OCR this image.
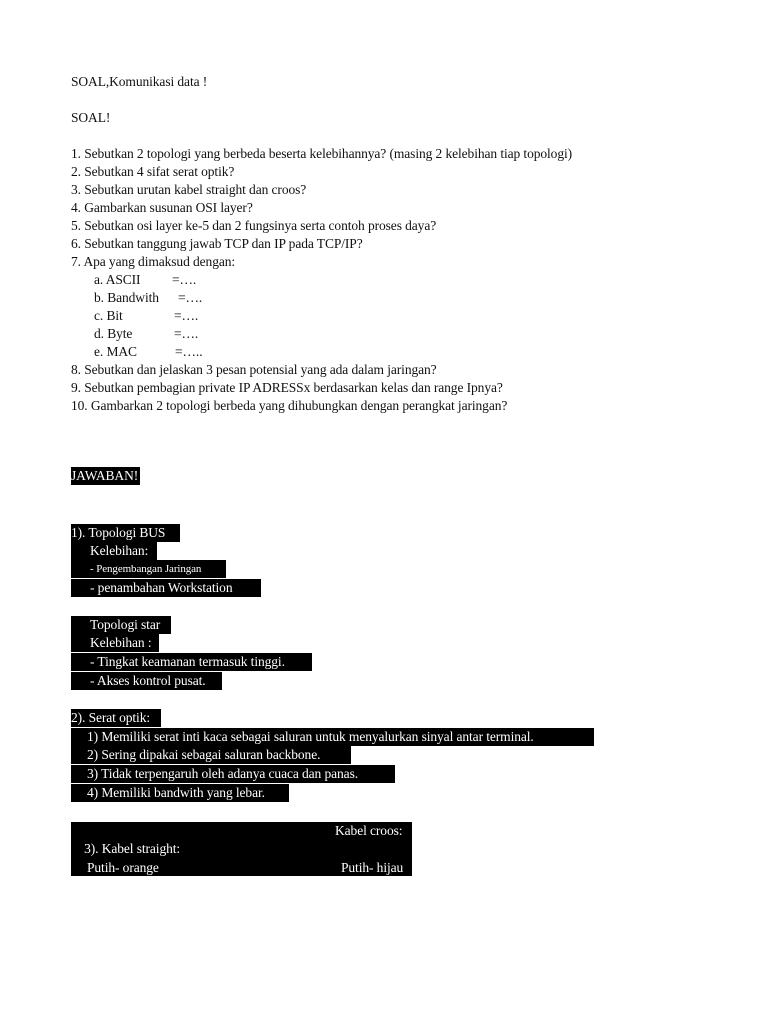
SOAL,Komunikasi data !
SOAL!
1. Sebutkan 2 topologi yang berbeda beserta kelebihannya? (masing 2 kelebihan tiap topologi)
2. Sebutkan 4 sifat serat optik?
3. Sebutkan urutan kabel straight dan croos?
4. Gambarkan susunan OSI layer?
5. Sebutkan osi layer ke-5 dan 2 fungsinya serta contoh proses daya?
6. Sebutkan tanggung jawab TCP dan IP pada TCP/IP?
7. Apa yang dimaksud dengan:
a. ASCII =….
b. Bandwith =….
c. Bit	=….
d. Byte	=….
e. MAC	=…..
8. Sebutkan dan jelaskan 3 pesan potensial yang ada dalam jaringan?
9. Sebutkan pembagian private IP ADRESSx berdasarkan kelas dan range Ipnya?
10. Gambarkan 2 topologi berbeda yang dihubungkan dengan perangkat jaringan?
JAWABAN!
1). Topologi BUS
Kelebihan:
- Pengembangan Jaringan
- penambahan Workstation
Topologi star
Kelebihan :
- Tingkat keamanan termasuk tinggi.
- Akses kontrol pusat.
2). Serat optik:
1) Memiliki serat inti kaca sebagai saluran untuk menyalurkan sinyal antar terminal.
2) Sering dipakai sebagai saluran backbone.
3) Tidak terpengaruh oleh adanya cuaca dan panas.
4) Memiliki bandwith yang lebar.

3). Kabel straight:

Kabel croos:
Putih- orange	Putih- hijau
Orange	Hijau
Putih- hijau	Putih- orange
Biru	Biru
